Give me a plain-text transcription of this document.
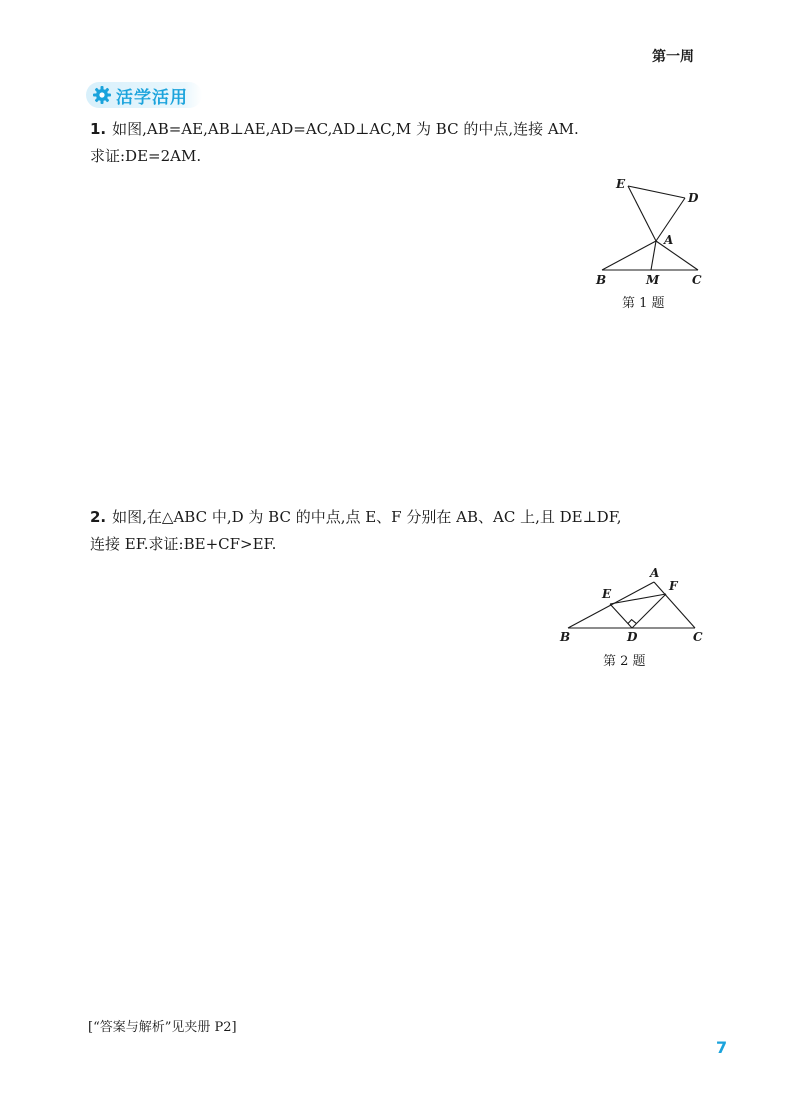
第一周
活学活用
1. 如图,AB=AE,AB⊥AE,AD=AC,AD⊥AC,M 为 BC 的中点,连接 AM.
求证:DE=2AM.
E
D
A
B	M	C
第 1 题
2. 如图,在△ABC 中,D 为 BC 的中点,点 E、F 分别在 AB、AC 上,且 DE⊥DF,
连接 EF.求证:BE+CF>EF.
A
E
F
B	D	C
第 2 题
[“答案与解析”见夹册 P2]
7
